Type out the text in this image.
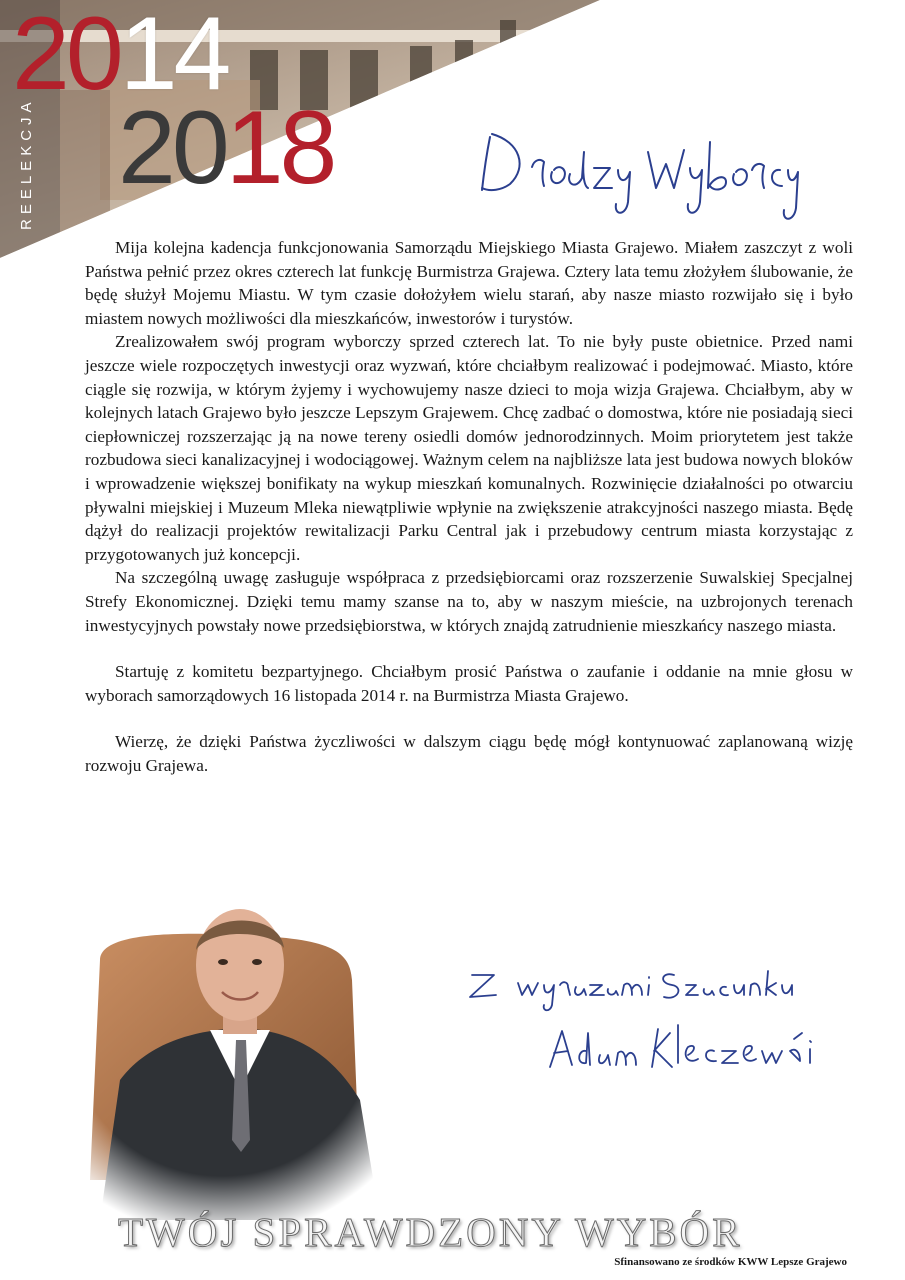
REELEKCJA
2014
2018

Mija kolejna kadencja funkcjonowania Samorządu Miejskiego Miasta Grajewo. Miałem zaszczyt z woli Państwa pełnić przez okres czterech lat funkcję Burmistrza Grajewa. Cztery lata temu złożyłem ślubowanie, że będę służył Mojemu Miastu. W tym czasie dołożyłem wielu starań, aby nasze miasto rozwijało się i było miastem nowych możliwości dla mieszkańców, inwestorów i turystów.

Zrealizowałem swój program wyborczy sprzed czterech lat. To nie były puste obietnice. Przed nami jeszcze wiele rozpoczętych inwestycji oraz wyzwań, które chciałbym realizować i podejmować. Miasto, które ciągle się rozwija, w którym żyjemy i wychowujemy nasze dzieci to moja wizja Grajewa. Chciałbym, aby w kolejnych latach Grajewo było jeszcze Lepszym Grajewem. Chcę zadbać o domostwa, które nie posiadają sieci ciepłowniczej rozszerzając ją na nowe tereny osiedli domów jednorodzinnych. Moim priorytetem jest także rozbudowa sieci kanalizacyjnej i wodociągowej. Ważnym celem na najbliższe lata jest budowa nowych bloków i wprowadzenie większej bonifikaty na wykup mieszkań komunalnych. Rozwinięcie działalności po otwarciu pływalni miejskiej i Muzeum Mleka niewątpliwie wpłynie na zwiększenie atrakcyjności naszego miasta. Będę dążył do realizacji projektów rewitalizacji Parku Central jak i przebudowy centrum miasta korzystając z przygotowanych już koncepcji.

Na szczególną uwagę zasługuje współpraca z przedsiębiorcami oraz rozszerzenie Suwalskiej Specjalnej Strefy Ekonomicznej. Dzięki temu mamy szanse na to, aby w naszym mieście, na uzbrojonych terenach inwestycyjnych powstały nowe przedsiębiorstwa, w których znajdą zatrudnienie mieszkańcy naszego miasta.

Startuję z komitetu bezpartyjnego. Chciałbym prosić Państwa o zaufanie i oddanie na mnie głosu w wyborach samorządowych 16 listopada 2014 r. na Burmistrza Miasta Grajewo.

Wierzę, że dzięki Państwa życzliwości w dalszym ciągu będę mógł kontynuować zaplanowaną wizję rozwoju Grajewa.

TWÓJ SPRAWDZONY WYBÓR
Sfinansowano ze środków KWW Lepsze Grajewo
